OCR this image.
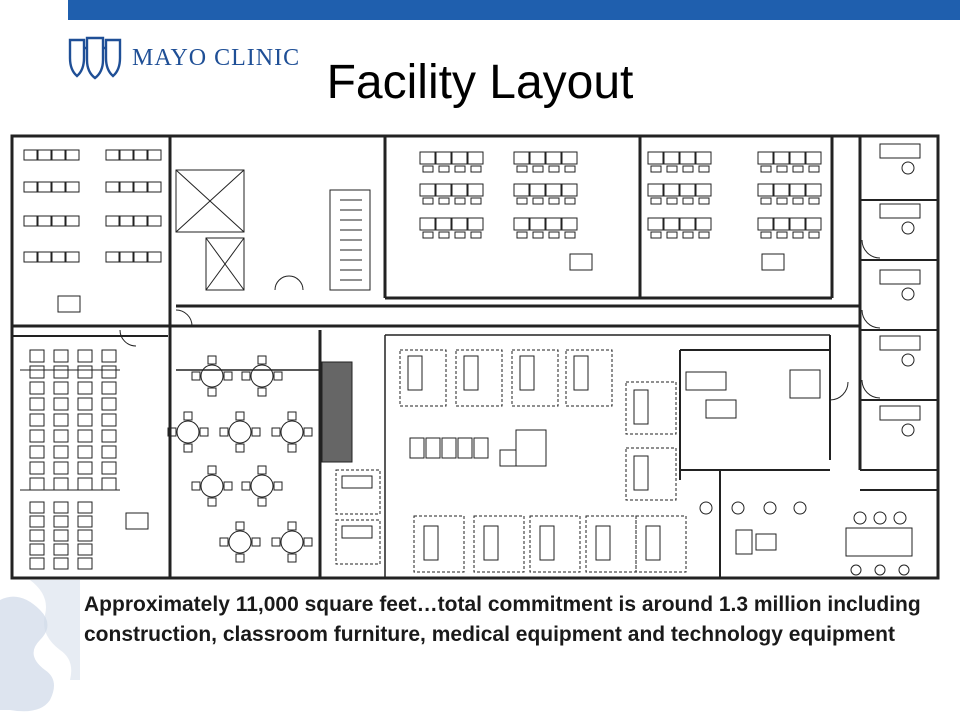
MAYO CLINIC Facility Layout
Approximately 11,000 square feet…total commitment is around 1.3 million including construction, classroom furniture, medical equipment and technology equipment
